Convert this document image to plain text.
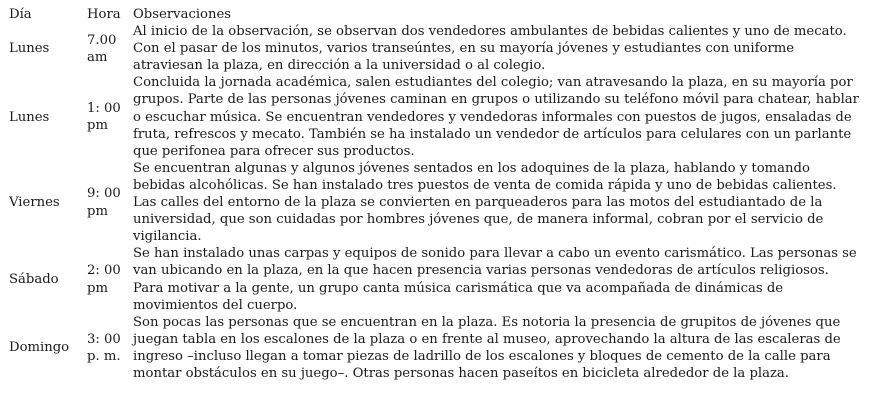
Día	Hora	Observaciones
Lunes	7.00 am	Al inicio de la observación, se observan dos vendedores ambulantes de bebidas calientes y uno de mecato. Con el pasar de los minutos, varios transeúntes, en su mayoría jóvenes y estudiantes con uniforme atraviesan la plaza, en dirección a la universidad o al colegio.
Lunes	1: 00 pm	Concluida la jornada académica, salen estudiantes del colegio; van atravesando la plaza, en su mayoría por grupos. Parte de las personas jóvenes caminan en grupos o utilizando su teléfono móvil para chatear, hablar o escuchar música. Se encuentran vendedores y vendedoras informales con puestos de jugos, ensaladas de fruta, refrescos y mecato. También se ha instalado un vendedor de artículos para celulares con un parlante que perifonea para ofrecer sus productos.
Viernes	9: 00 pm	Se encuentran algunas y algunos jóvenes sentados en los adoquines de la plaza, hablando y tomando bebidas alcohólicas. Se han instalado tres puestos de venta de comida rápida y uno de bebidas calientes. Las calles del entorno de la plaza se convierten en parqueaderos para las motos del estudiantado de la universidad, que son cuidadas por hombres jóvenes que, de manera informal, cobran por el servicio de vigilancia.
Sábado	2: 00 pm	Se han instalado unas carpas y equipos de sonido para llevar a cabo un evento carismático. Las personas se van ubicando en la plaza, en la que hacen presencia varias personas vendedoras de artículos religiosos. Para motivar a la gente, un grupo canta música carismática que va acompañada de dinámicas de movimientos del cuerpo.
Domingo	3: 00 p. m.	Son pocas las personas que se encuentran en la plaza. Es notoria la presencia de grupitos de jóvenes que juegan tabla en los escalones de la plaza o en frente al museo, aprovechando la altura de las escaleras de ingreso –incluso llegan a tomar piezas de ladrillo de los escalones y bloques de cemento de la calle para montar obstáculos en su juego–. Otras personas hacen paseítos en bicicleta alrededor de la plaza.
